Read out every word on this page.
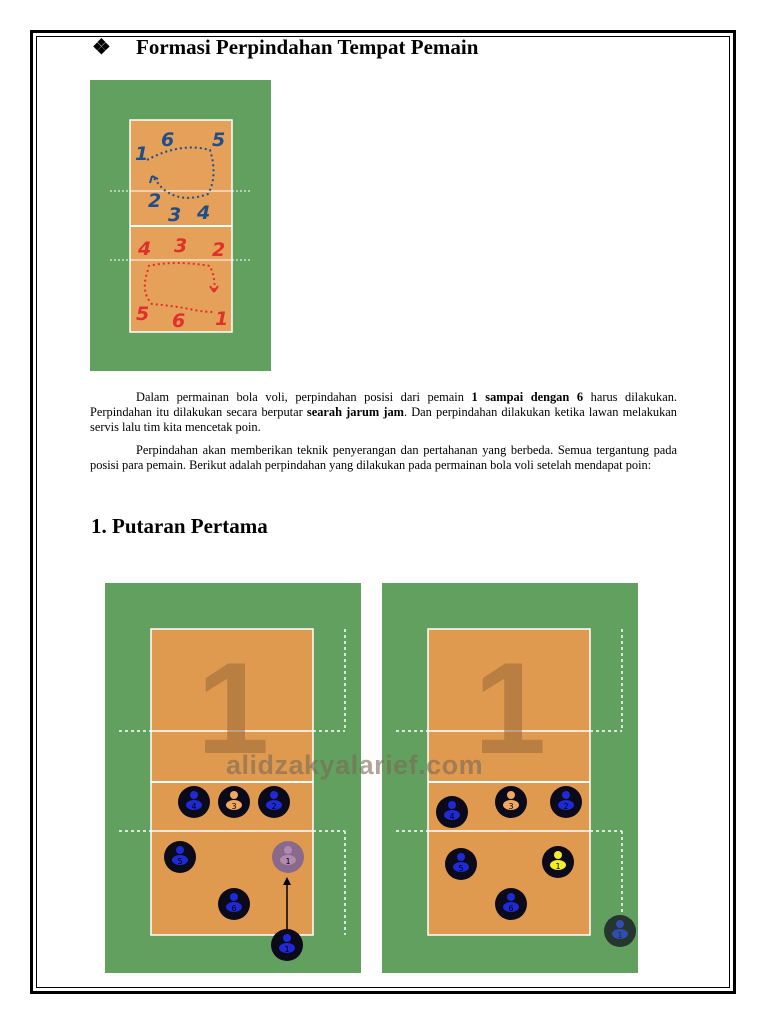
❖ Formasi Perpindahan Tempat Pemain
1
6 5
2
3 4
4 3 2
5 6 1
Dalam permainan bola voli, perpindahan posisi dari pemain 1 sampai dengan 6 harus dilakukan. Perpindahan itu dilakukan secara berputar searah jarum jam. Dan perpindahan dilakukan ketika lawan melakukan servis lalu tim kita mencetak poin.
Perpindahan akan memberikan teknik penyerangan dan pertahanan yang berbeda. Semua tergantung pada posisi para pemain. Berikut adalah perpindahan yang dilakukan pada permainan bola voli setelah mendapat poin:
1. Putaran Pertama
1
4	3	2
5	1
6
1
1
4
3	2
5	1
6
1
alidzakyalarief.com
